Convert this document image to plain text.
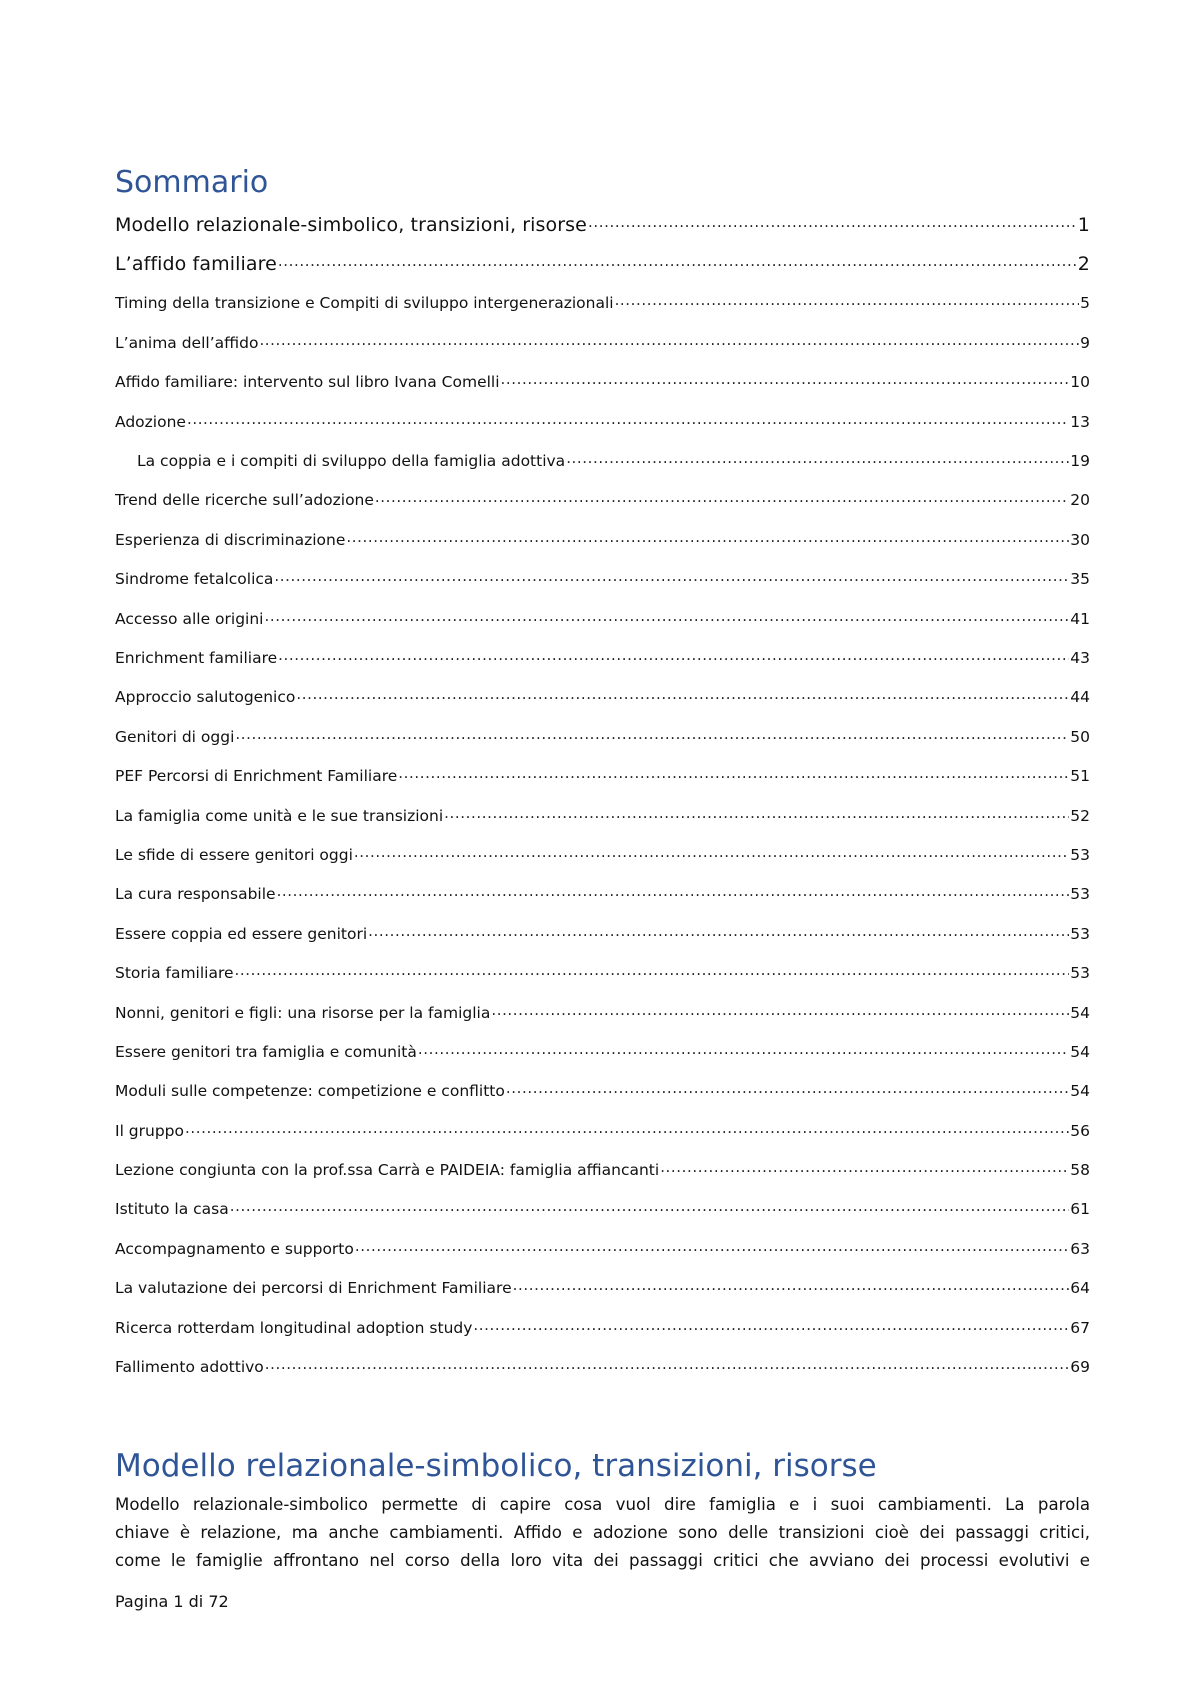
Sommario
Modello relazionale-simbolico, transizioni, risorse .....	1
L’affido familiare .....	2
Timing della transizione e Compiti di sviluppo intergenerazionali .....	5
L’anima dell’affido .....	9
Affido familiare: intervento sul libro Ivana Comelli .....	10
Adozione .....	13
La coppia e i compiti di sviluppo della famiglia adottiva .....	19
Trend delle ricerche sull’adozione .....	20
Esperienza di discriminazione .....	30
Sindrome fetalcolica .....	35
Accesso alle origini .....	41
Enrichment familiare .....	43
Approccio salutogenico .....	44
Genitori di oggi .....	50
PEF Percorsi di Enrichment Familiare .....	51
La famiglia come unità e le sue transizioni .....	52
Le sfide di essere genitori oggi .....	53
La cura responsabile .....	53
Essere coppia ed essere genitori .....	53
Storia familiare .....	53
Nonni, genitori e figli: una risorse per la famiglia .....	54
Essere genitori tra famiglia e comunità .....	54
Moduli sulle competenze: competizione e conflitto .....	54
Il gruppo .....	56
Lezione congiunta con la prof.ssa Carrà e PAIDEIA: famiglia affiancanti .....	58
Istituto la casa .....	61
Accompagnamento e supporto .....	63
La valutazione dei percorsi di Enrichment Familiare .....	64
Ricerca rotterdam longitudinal adoption study .....	67
Fallimento adottivo .....	69
Modello relazionale-simbolico, transizioni, risorse
Modello relazionale-simbolico permette di capire cosa vuol dire famiglia e i suoi cambiamenti. La parola
chiave è relazione, ma anche cambiamenti. Affido e adozione sono delle transizioni cioè dei passaggi critici,
come le famiglie affrontano nel corso della loro vita dei passaggi critici che avviano dei processi evolutivi e
Pagina 1 di 72
